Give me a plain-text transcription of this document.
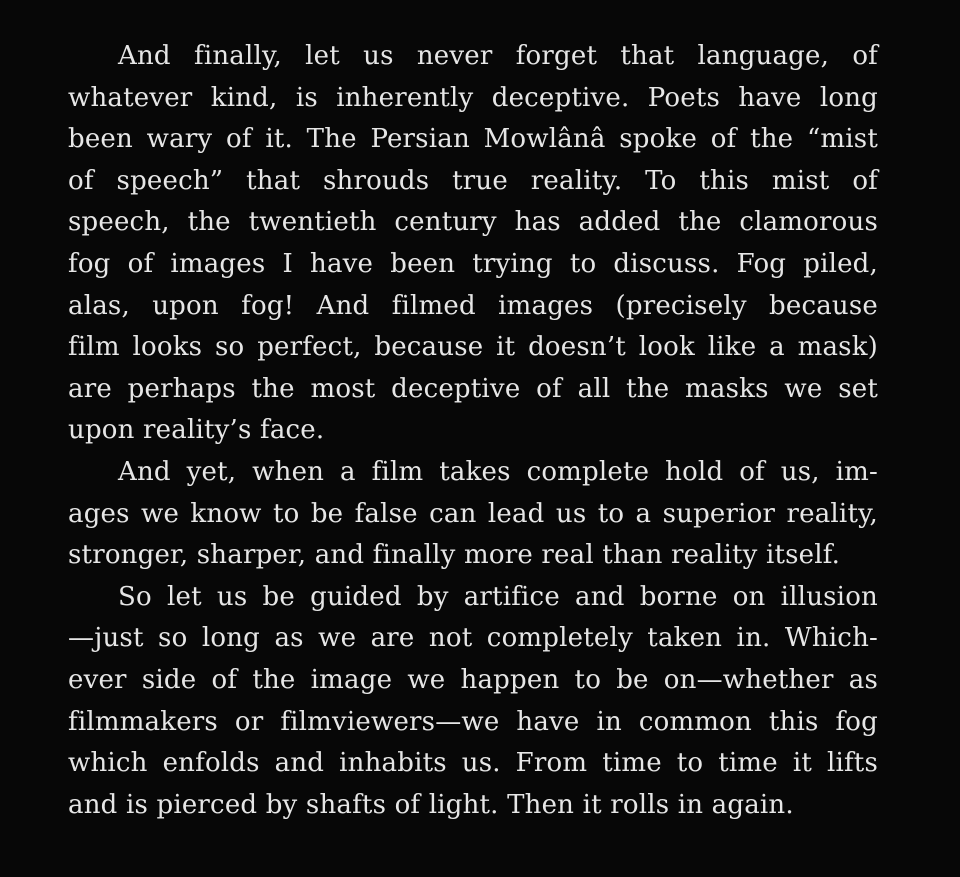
And finally, let us never forget that language, of
whatever kind, is inherently deceptive. Poets have long
been wary of it. The Persian Mowlânâ spoke of the “mist
of speech” that shrouds true reality. To this mist of
speech, the twentieth century has added the clamorous
fog of images I have been trying to discuss. Fog piled,
alas, upon fog! And filmed images (precisely because
film looks so perfect, because it doesn’t look like a mask)
are perhaps the most deceptive of all the masks we set
upon reality’s face.

And yet, when a film takes complete hold of us, im-
ages we know to be false can lead us to a superior reality,
stronger, sharper, and finally more real than reality itself.

So let us be guided by artifice and borne on illusion
—just so long as we are not completely taken in. Which-
ever side of the image we happen to be on—whether as
filmmakers or filmviewers—we have in common this fog
which enfolds and inhabits us. From time to time it lifts
and is pierced by shafts of light. Then it rolls in again.
